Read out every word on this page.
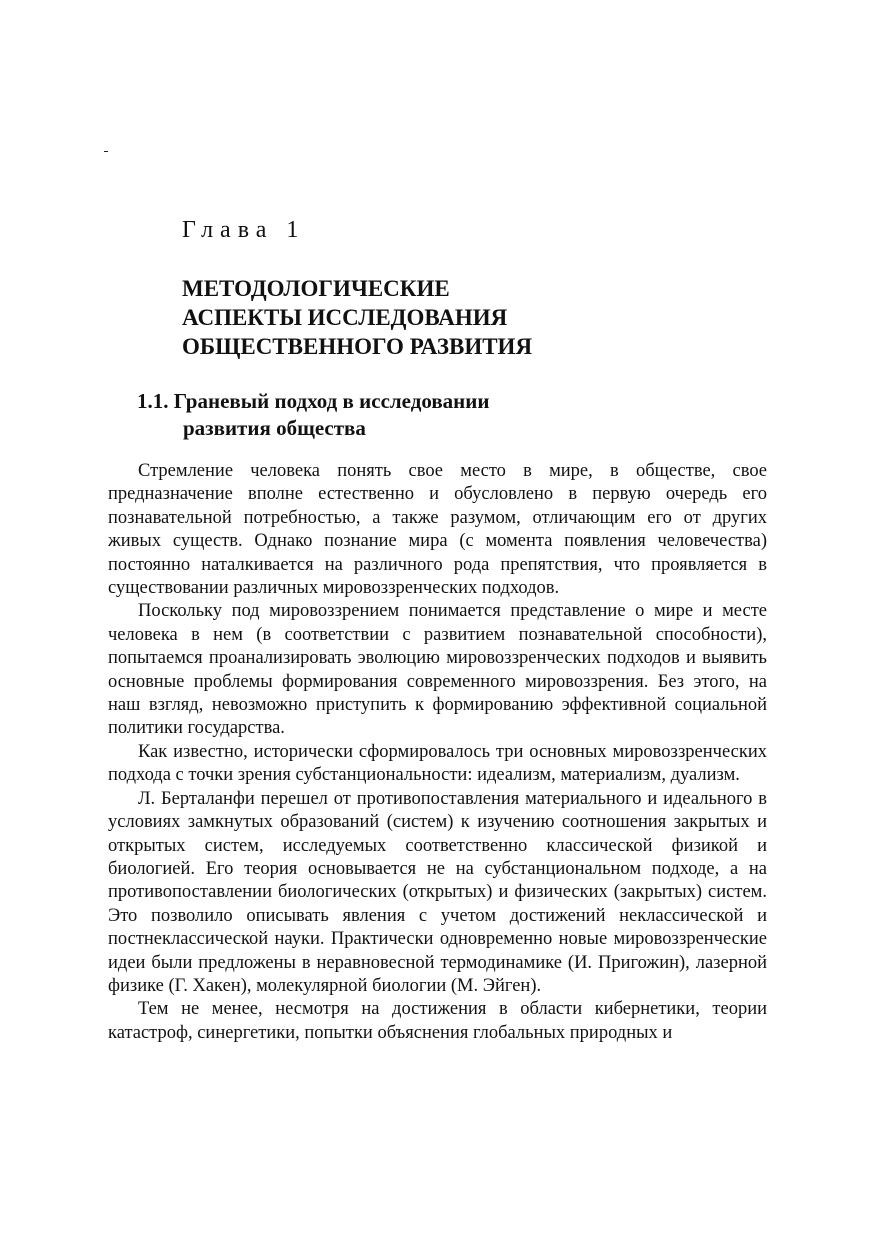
Глава 1
МЕТОДОЛОГИЧЕСКИЕ
АСПЕКТЫ ИССЛЕДОВАНИЯ
ОБЩЕСТВЕННОГО РАЗВИТИЯ
1.1. Граневый подход в исследовании
развития общества

Стремление человека понять свое место в мире, в обществе, свое предназначение вполне естественно и обусловлено в первую очередь его познавательной потребностью, а также разумом, отличающим его от других живых существ. Однако познание мира (с момента появления человечества) постоянно наталкивается на различного рода препятствия, что проявляется в существовании различных мировоззренческих подходов.

Поскольку под мировоззрением понимается представление о мире и месте человека в нем (в соответствии с развитием познавательной способности), попытаемся проанализировать эволюцию мировоззренческих подходов и выявить основные проблемы формирования современного мировоззрения. Без этого, на наш взгляд, невозможно приступить к формированию эффективной социальной политики государства.

Как известно, исторически сформировалось три основных мировоззренческих подхода с точки зрения субстанциональности: идеализм, материализм, дуализм.

Л. Берталанфи перешел от противопоставления материального и идеального в условиях замкнутых образований (систем) к изучению соотношения закрытых и открытых систем, исследуемых соответственно классической физикой и биологией. Его теория основывается не на субстанциональном подходе, а на противопоставлении биологических (открытых) и физических (закрытых) систем. Это позволило описывать явления с учетом достижений неклассической и постнеклассической науки. Практически одновременно новые мировоззренческие идеи были предложены в неравновесной термодинамике (И. Пригожин), лазерной физике (Г. Хакен), молекулярной биологии (М. Эйген).

Тем не менее, несмотря на достижения в области кибернетики, теории катастроф, синергетики, попытки объяснения глобальных природных и
